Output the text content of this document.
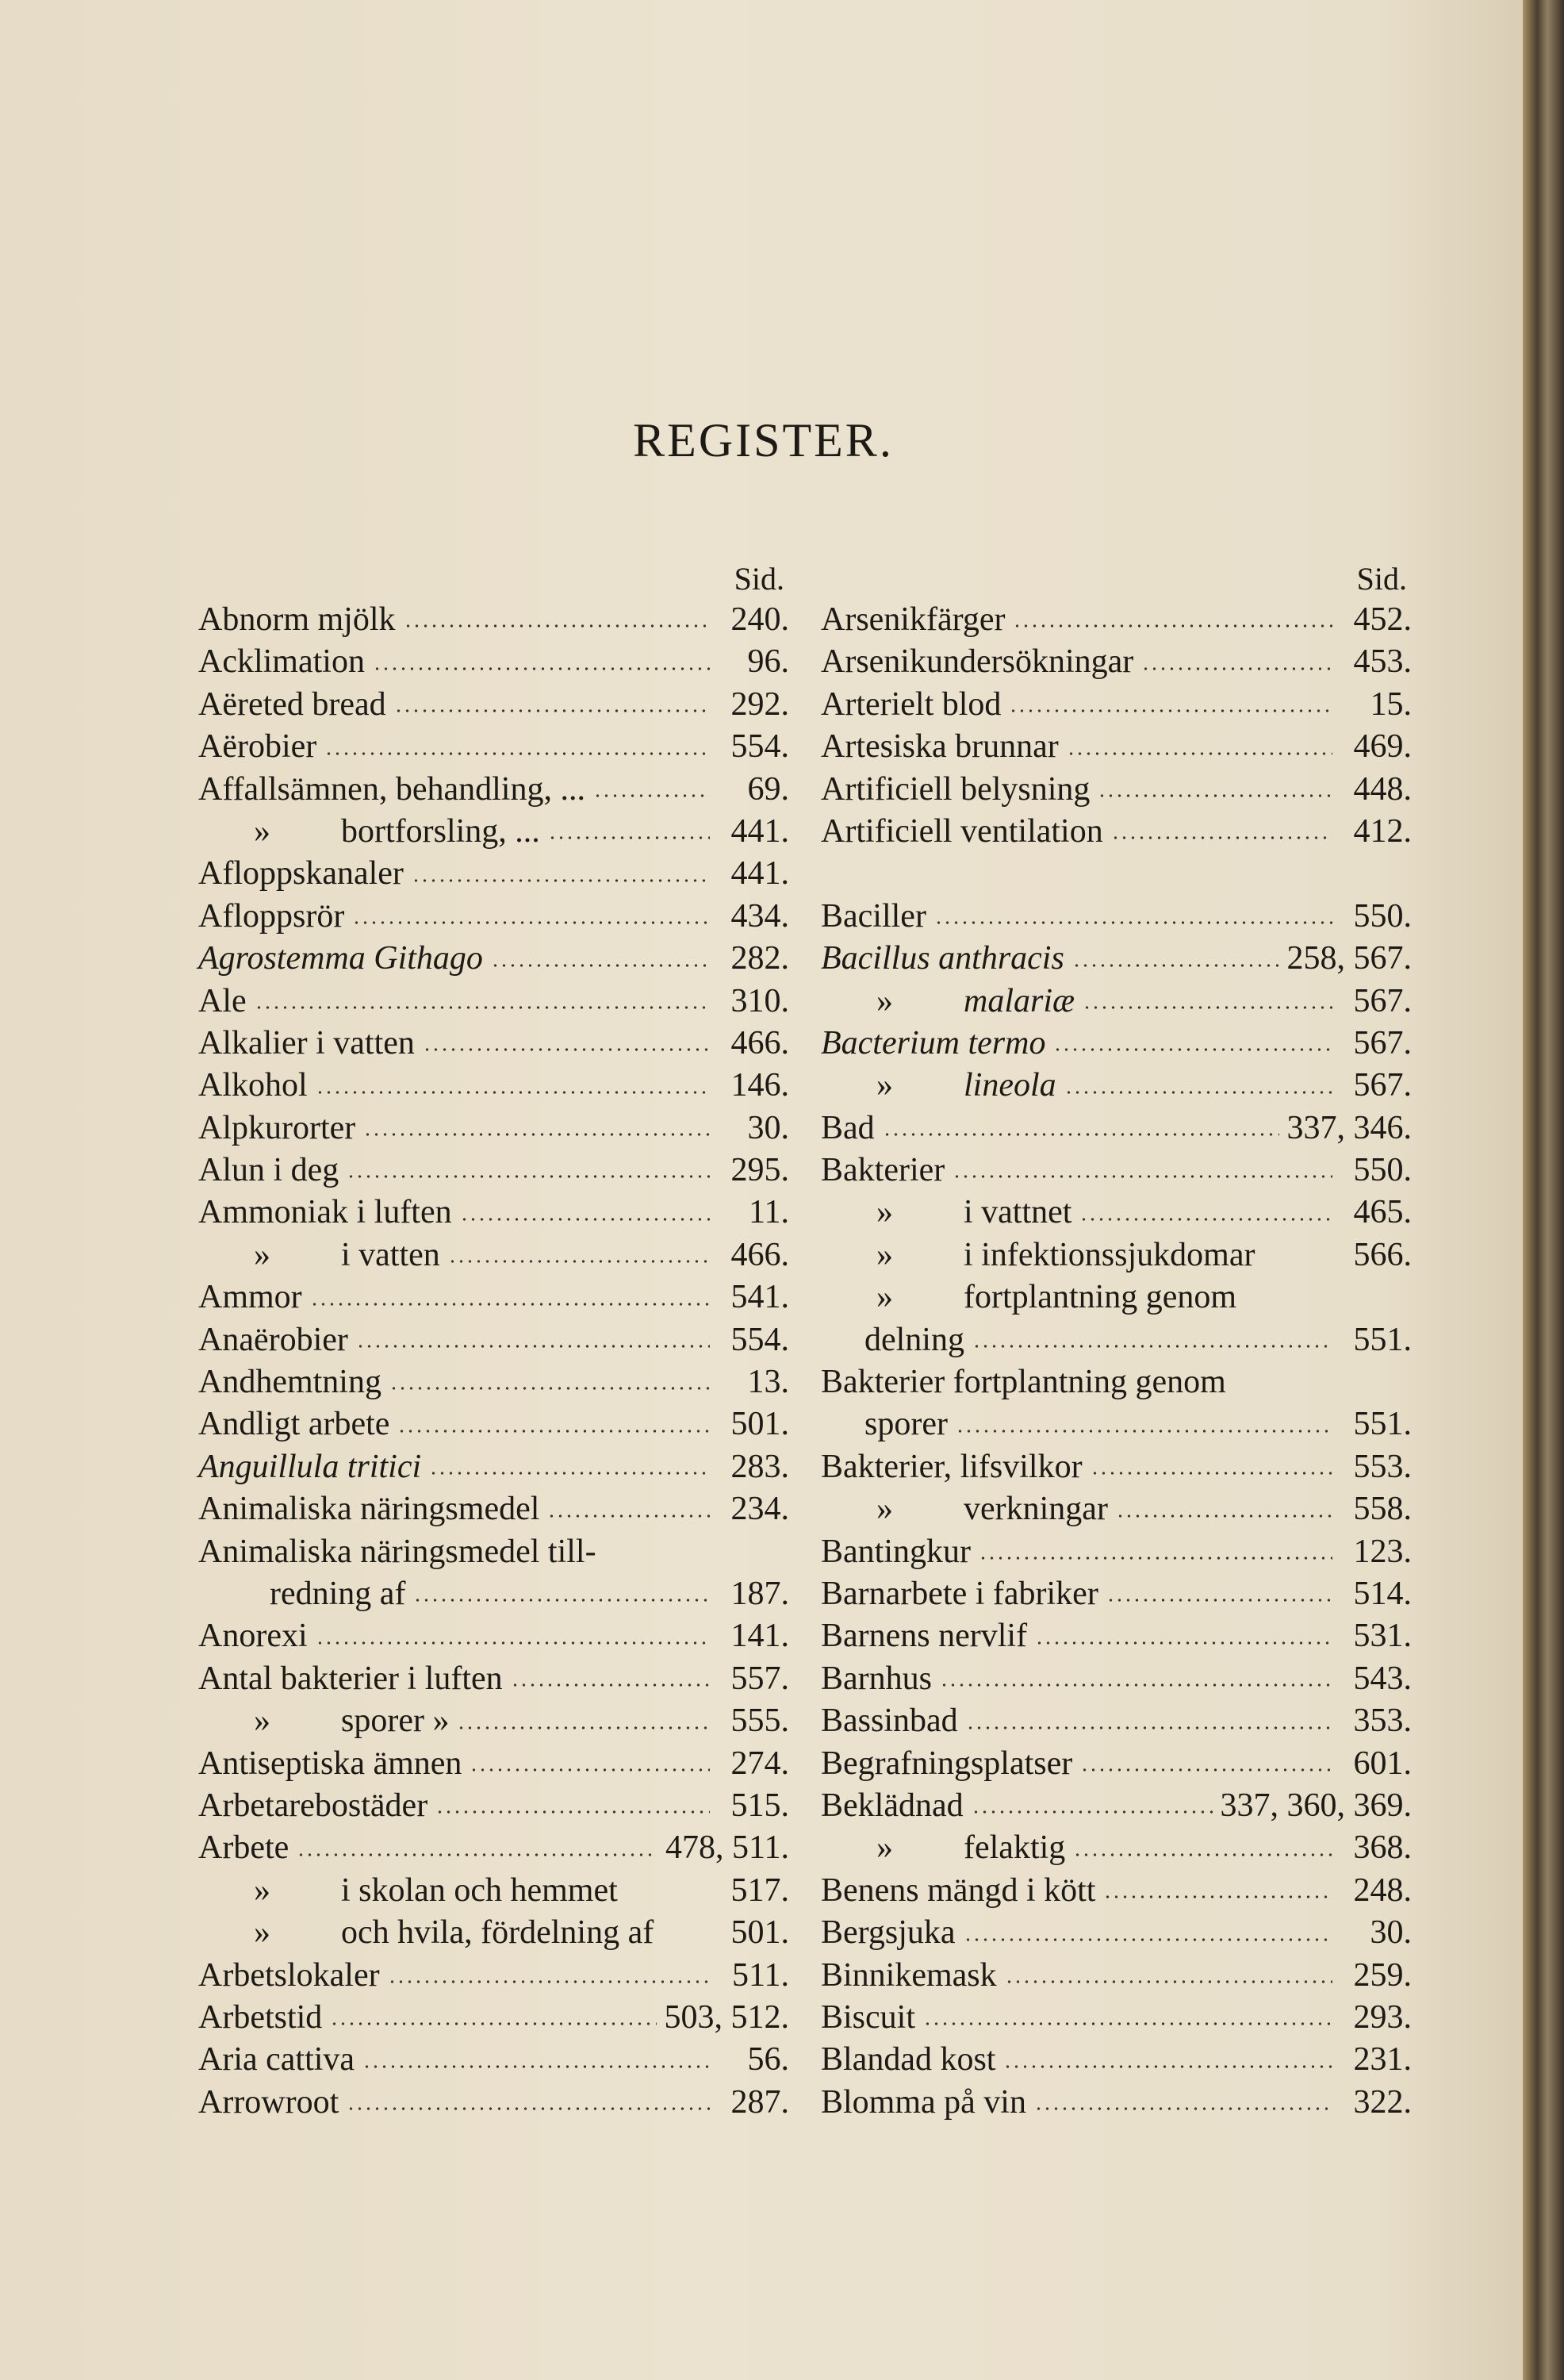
REGISTER.
Sid.
Abnorm mjölk	240.
Acklimation	96.
Aëreted bread	292.
Aërobier	554.
Affallsämnen, behandling, ...	69.
»	bortforsling, ...	441.
Afloppskanaler	441.
Afloppsrör	434.
Agrostemma Githago	282.
Ale	310.
Alkalier i vatten	466.
Alkohol	146.
Alpkurorter	30.
Alun i deg	295.
Ammoniak i luften	11.
»	i vatten	466.
Ammor	541.
Anaërobier	554.
Andhemtning	13.
Andligt arbete	501.
Anguillula tritici	283.
Animaliska näringsmedel	234.
Animaliska näringsmedel till-
redning af	187.
Anorexi	141.
Antal bakterier i luften	557.
»	sporer »	555.
Antiseptiska ämnen	274.
Arbetarebostäder	515.
Arbete	478, 511.
»	i skolan och hemmet	517.
»	och hvila, fördelning af	501.
Arbetslokaler	511.
Arbetstid	503, 512.
Aria cattiva	56.
Arrowroot	287.
Sid.
Arsenikfärger	452.
Arsenikundersökningar	453.
Arterielt blod	15.
Artesiska brunnar	469.
Artificiell belysning	448.
Artificiell ventilation	412.
Baciller	550.
Bacillus anthracis	258, 567.
»	malariæ	567.
Bacterium termo	567.
»	lineola	567.
Bad	337, 346.
Bakterier	550.
»	i vattnet	465.
»	i infektionssjukdomar	566.
»	fortplantning genom
delning	551.
Bakterier fortplantning genom
sporer	551.
Bakterier, lifsvilkor	553.
»	verkningar	558.
Bantingkur	123.
Barnarbete i fabriker	514.
Barnens nervlif	531.
Barnhus	543.
Bassinbad	353.
Begrafningsplatser	601.
Beklädnad	337, 360, 369.
»	felaktig	368.
Benens mängd i kött	248.
Bergsjuka	30.
Binnikemask	259.
Biscuit	293.
Blandad kost	231.
Blomma på vin	322.
